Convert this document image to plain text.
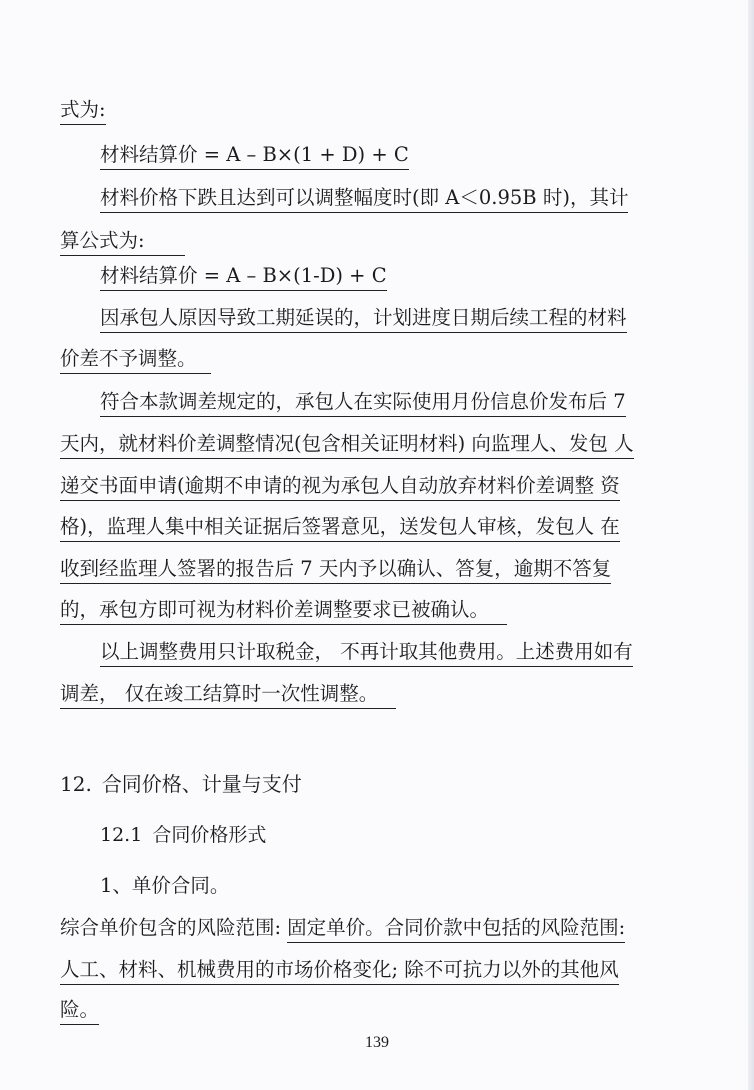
式为:
材料结算价 = A – B×(1 + D) + C
材料价格下跌且达到可以调整幅度时(即 A＜0.95B 时)，其计
算公式为:
材料结算价 = A – B×(1-D) + C
因承包人原因导致工期延误的，计划进度日期后续工程的材料
价差不予调整。
符合本款调差规定的，承包人在实际使用月份信息价发布后 7
天内，就材料价差调整情况(包含相关证明材料) 向监理人、发包 人
递交书面申请(逾期不申请的视为承包人自动放弃材料价差调整 资
格)，监理人集中相关证据后签署意见，送发包人审核，发包人 在
收到经监理人签署的报告后 7 天内予以确认、答复，逾期不答复
的，承包方即可视为材料价差调整要求已被确认。
以上调整费用只计取税金， 不再计取其他费用。上述费用如有
调差， 仅在竣工结算时一次性调整。
12. 合同价格、计量与支付
12.1 合同价格形式
1、单价合同。
综合单价包含的风险范围: 固定单价。合同价款中包括的风险范围:
人工、材料、机械费用的市场价格变化; 除不可抗力以外的其他风
险。
139
